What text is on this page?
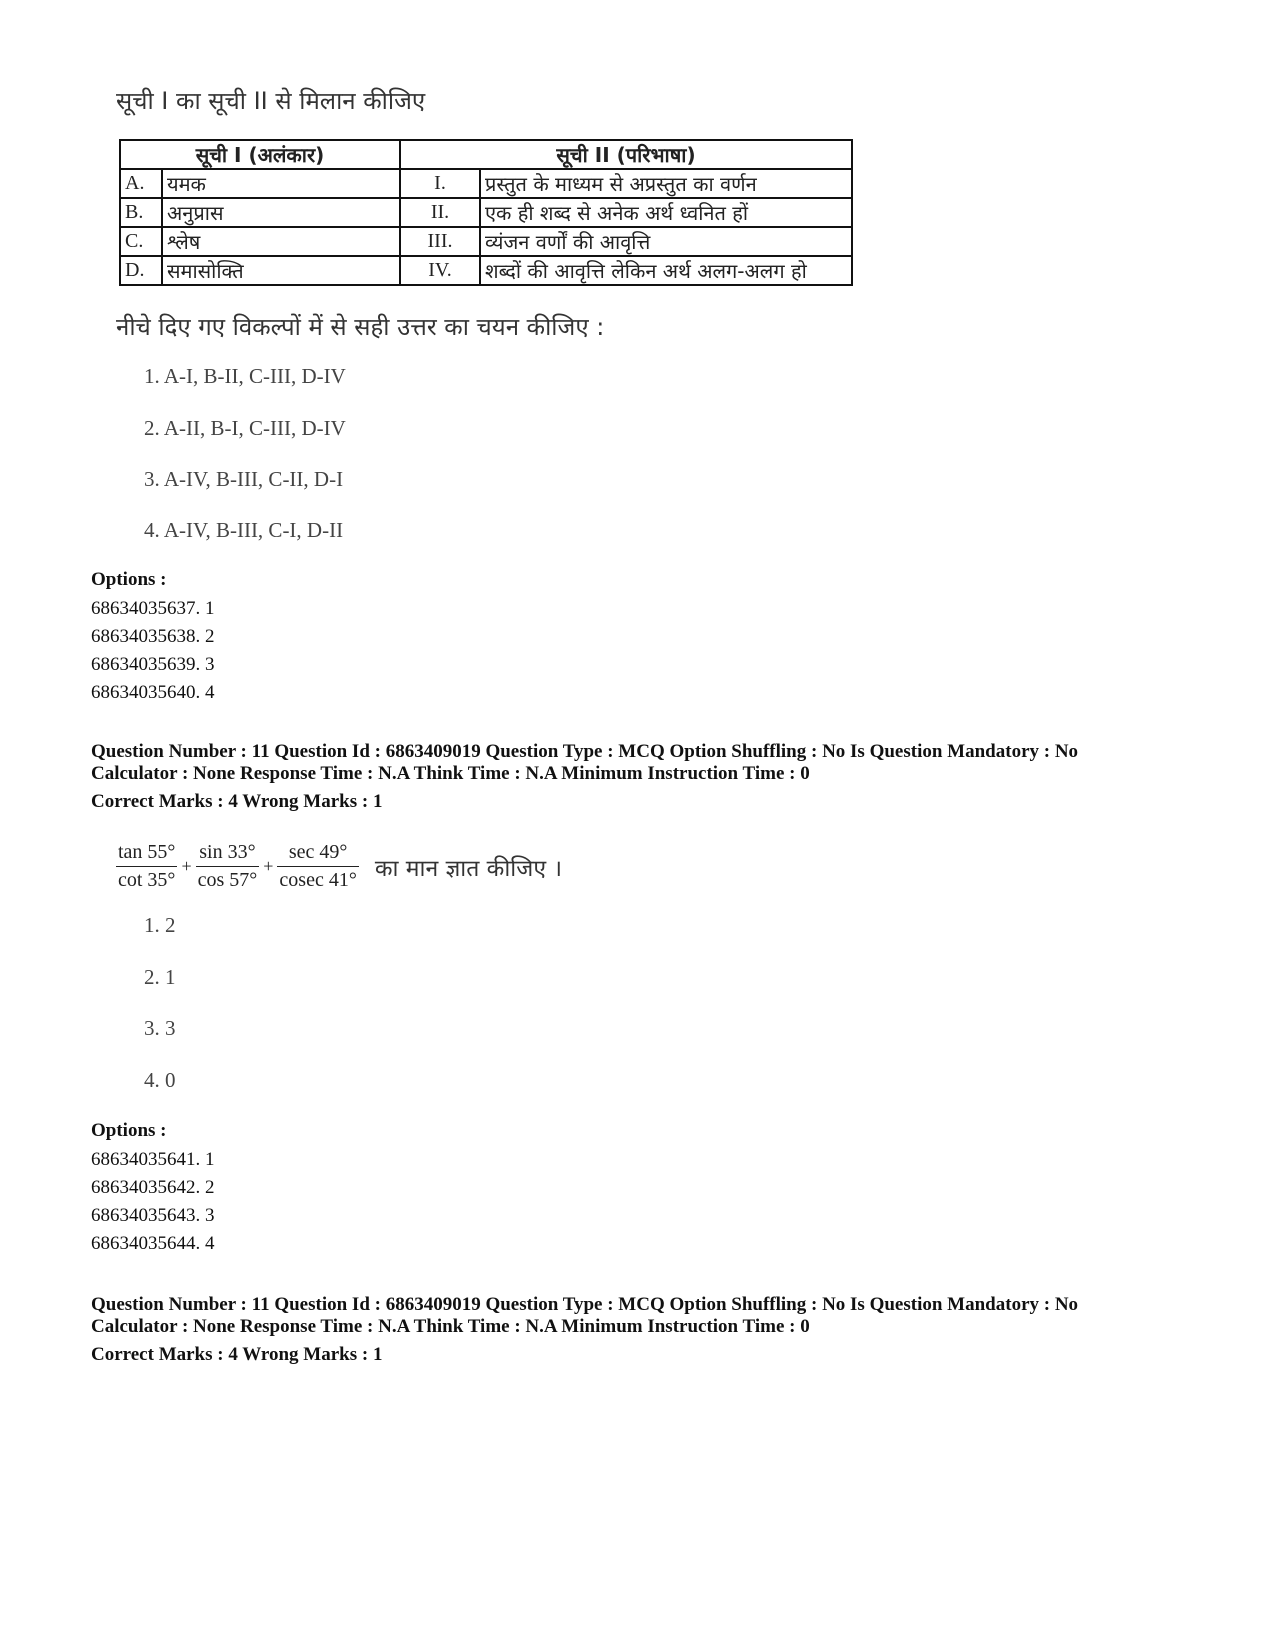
सूची I का सूची II से मिलान कीजिए
सूची I (अलंकार)		सूची II (परिभाषा)	
A.	यमक	I.	प्रस्तुत के माध्यम से अप्रस्तुत का वर्णन
B.	अनुप्रास	II.	एक ही शब्द से अनेक अर्थ ध्वनित हों
C.	श्लेष	III.	व्यंजन वर्णों की आवृत्ति
D.	समासोक्ति	IV.	शब्दों की आवृत्ति लेकिन अर्थ अलग-अलग हो
नीचे दिए गए विकल्पों में से सही उत्तर का चयन कीजिए :
1. A-I, B-II, C-III, D-IV
2. A-II, B-I, C-III, D-IV
3. A-IV, B-III, C-II, D-I
4. A-IV, B-III, C-I, D-II
Options :
68634035637. 1
68634035638. 2
68634035639. 3
68634035640. 4
Question Number : 11 Question Id : 6863409019 Question Type : MCQ Option Shuffling : No Is Question Mandatory : No
Calculator : None Response Time : N.A Think Time : N.A Minimum Instruction Time : 0
Correct Marks : 4 Wrong Marks : 1
$\frac{\tan 55^\circ}{\cot 35^\circ} + \frac{\sin 33^\circ}{\cos 57^\circ} + \frac{\sec 49^\circ}{cosec 41^\circ}$ का मान ज्ञात कीजिए ।
1. 2
2. 1
3. 3
4. 0
Options :
68634035641. 1
68634035642. 2
68634035643. 3
68634035644. 4
Question Number : 11 Question Id : 6863409019 Question Type : MCQ Option Shuffling : No Is Question Mandatory : No
Calculator : None Response Time : N.A Think Time : N.A Minimum Instruction Time : 0
Correct Marks : 4 Wrong Marks : 1
